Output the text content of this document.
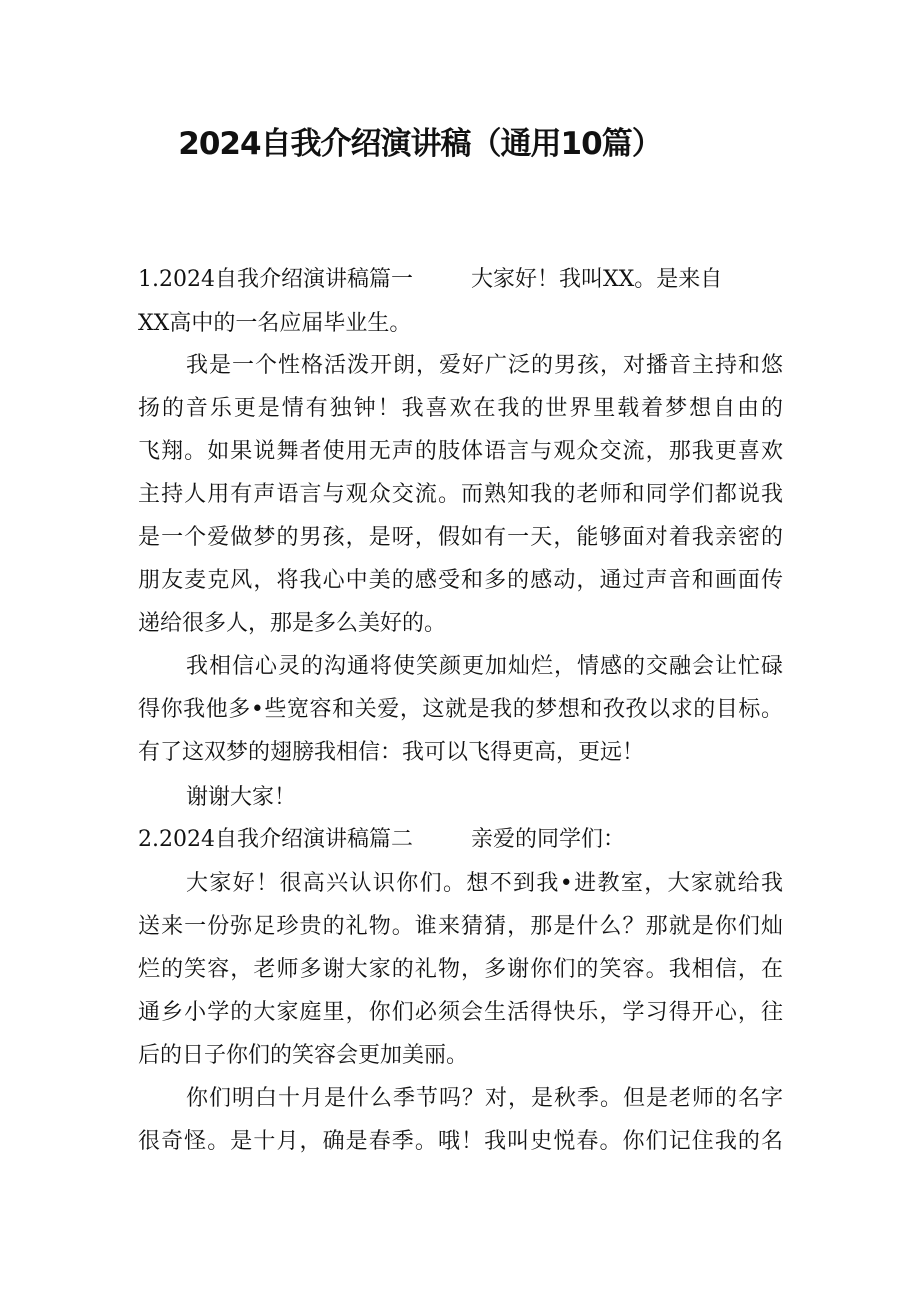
2024自我介绍演讲稿（通用10篇）
1.2024自我介绍演讲稿篇一	大家好！我叫XX。是来自
XX高中的一名应届毕业生。
我是一个性格活泼开朗，爱好广泛的男孩，对播音主持和悠
扬的音乐更是情有独钟！我喜欢在我的世界里载着梦想自由的
飞翔。如果说舞者使用无声的肢体语言与观众交流，那我更喜欢
主持人用有声语言与观众交流。而熟知我的老师和同学们都说我
是一个爱做梦的男孩，是呀，假如有一天，能够面对着我亲密的
朋友麦克风，将我心中美的感受和多的感动，通过声音和画面传
递给很多人，那是多么美好的。
我相信心灵的沟通将使笑颜更加灿烂，情感的交融会让忙碌
得你我他多•些宽容和关爱，这就是我的梦想和孜孜以求的目标。
有了这双梦的翅膀我相信：我可以飞得更高，更远！
谢谢大家！
2.2024自我介绍演讲稿篇二	亲爱的同学们：
大家好！很高兴认识你们。想不到我•进教室，大家就给我
送来一份弥足珍贵的礼物。谁来猜猜，那是什么？那就是你们灿
烂的笑容，老师多谢大家的礼物，多谢你们的笑容。我相信，在
通乡小学的大家庭里，你们必须会生活得快乐，学习得开心，往
后的日子你们的笑容会更加美丽。
你们明白十月是什么季节吗？对，是秋季。但是老师的名字
很奇怪。是十月，确是春季。哦！我叫史悦春。你们记住我的名
